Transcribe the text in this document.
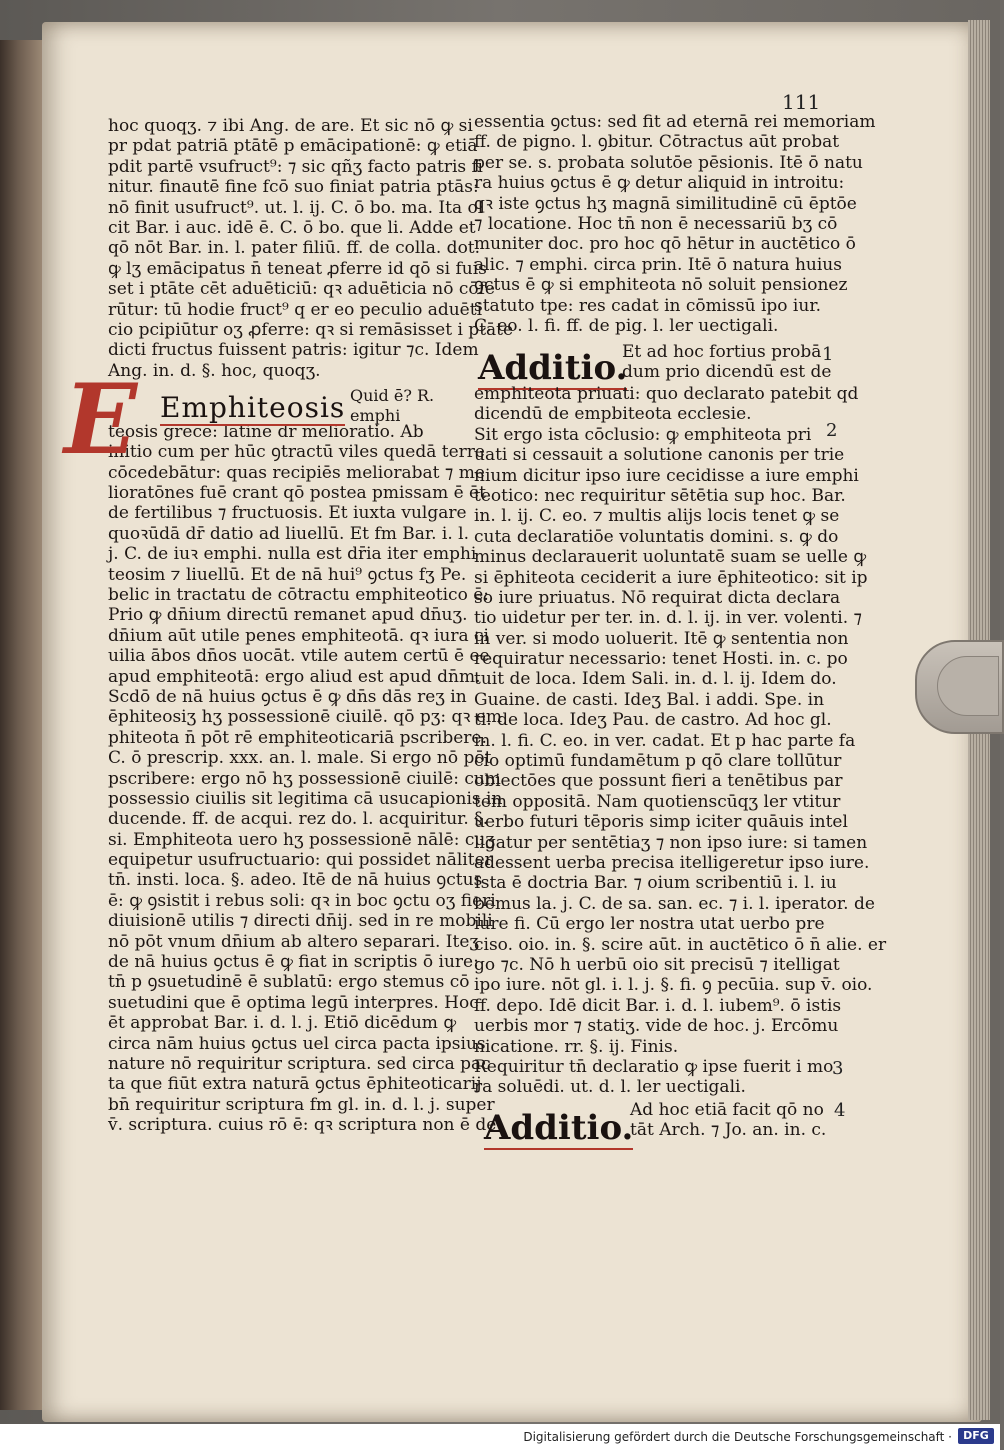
111
hoc quoqʒ. ⁊ ibi Ang. de are. Et sic nō ꝙ si
pr pdat patriā ptātē p emācipationē: ꝙ etiā
pdit partē vsufruct⁹: ⁊ sic qñʒ facto patris fi
nitur. finautē fine fcō suo finiat patria ptās:
nō finit usufruct⁹. ut. l. ij. C. ō bo. ma. Ita ol
cit Bar. i auc. idē ē. C. ō bo. que li. Adde et
qō nōt Bar. in. l. pater filiū. ff. de colla. dot.
ꝙ lʒ emācipatus n̄ teneat ꝓferre id qō si fuis
set i ptāte cēt aduēticiū: qꝛ aduēticia nō cōfe
rūtur: tū hodie fruct⁹ q er eo peculio aduēti
cio pcipiūtur oʒ ꝓferre: qꝛ si remāsisset i ptāte
dicti fructus fuissent patris: igitur ⁊c. Idem
Ang. in. d. §. hoc, quoqʒ.
teosis grece: latine dr̄ melioratio. Ab
initio cum per hūc ꝯtractū viles quedā terre
cōcedebātur: quas recipiēs meliorabat ⁊ me
lioratōnes fuē crant qō postea pmissam ē ēt
de fertilibus ⁊ fructuosis. Et iuxta vulgare
quoꝛūdā dr̄ datio ad liuellū. Et fm Bar. i. l.
j. C. de iuꝛ emphi. nulla est dr̄ia iter emphi
teosim ⁊ liuellū. Et de nā hui⁹ ꝯctus fʒ Pe.
belic in tractatu de cōtractu emphiteotico ē:
Prio ꝙ dn̄ium directū remanet apud dn̄uʒ.
dn̄ium aūt utile penes emphiteotā. qꝛ iura ci
uilia ābos dn̄os uocāt. vtile autem certū ē ee
apud emphiteotā: ergo aliud est apud dn̄m.
Scdō de nā huius ꝯctus ē ꝙ dn̄s dās reʒ in
ēphiteosiʒ hʒ possessionē ciuilē. qō pʒ: qꝛ em
phiteota n̄ pōt rē emphiteoticariā pscribere.
C. ō prescrip. xxx. an. l. male. Si ergo nō pōt
pscribere: ergo nō hʒ possessionē ciuilē: cum
possessio ciuilis sit legitima cā usucapionis in
ducende. ff. de acqui. rez do. l. acquiritur. §.
si. Emphiteota uero hʒ possessionē nālē: cuʒ
equipetur usufructuario: qui possidet nāliter
tn̄. insti. loca. §. adeo. Itē de nā huius ꝯctus
ē: ꝙ ꝯsistit i rebus soli: qꝛ in boc ꝯctu oʒ fieri
diuisionē utilis ⁊ directi dn̄ij. sed in re mobili
nō pōt vnum dn̄ium ab altero separari. Iteʒ
de nā huius ꝯctus ē ꝙ fiat in scriptis ō iure:
tn̄ p ꝯsuetudinē ē sublatū: ergo stemus cō
suetudini que ē optima legū interpres. Hoc
ēt approbat Bar. i. d. l. j. Etiō dicēdum ꝙ
circa nām huius ꝯctus uel circa pacta ipsius
nature nō requiritur scriptura. sed circa pac
ta que fiūt extra naturā ꝯctus ēphiteoticarij
bn̄ requiritur scriptura fm gl. in. d. l. j. super
v̄. scriptura. cuius rō ē: qꝛ scriptura non ē de
E Emphiteosis Quid ē? R. emphi
essentia ꝯctus: sed fit ad eternā rei memoriam
ff. de pigno. l. ꝯbitur. Cōtractus aūt probat
per se. s. probata solutōe pēsionis. Itē ō natu
ra huius ꝯctus ē ꝙ detur aliquid in introitu:
qꝛ iste ꝯctus hʒ magnā similitudinē cū ēptōe
⁊ locatione. Hoc tn̄ non ē necessariū bʒ cō
muniter doc. pro hoc qō hētur in auctētico ō
alic. ⁊ emphi. circa prin. Itē ō natura huius
ꝯctus ē ꝙ si emphiteota nō soluit pensionez
statuto tpe: res cadat in cōmissū ipo iur.
C. eo. l. fi. ff. de pig. l. ler uectigali.
Additio.
Et ad hoc fortius probā
dum prio dicendū est de
emphiteota priuati: quo declarato patebit qd
dicendū de empbiteota ecclesie.
Sit ergo ista cōclusio: ꝙ emphiteota pri
uati si cessauit a solutione canonis per trie
nium dicitur ipso iure cecidisse a iure emphi
teotico: nec requiritur sētētia sup hoc. Bar.
in. l. ij. C. eo. ⁊ multis alijs locis tenet ꝙ se
cuta declaratiōe voluntatis domini. s. ꝙ do
minus declarauerit uoluntatē suam se uelle ꝙ
si ēphiteota ceciderit a iure ēphiteotico: sit ip
so iure priuatus. Nō requirat dicta declara
tio uidetur per ter. in. d. l. ij. in ver. volenti. ⁊
in ver. si modo uoluerit. Itē ꝙ sententia non
requiratur necessario: tenet Hosti. in. c. po
tuit de loca. Idem Sali. in. d. l. ij. Idem do.
Guaine. de casti. Ideʒ Bal. i addi. Spe. in
ti. de loca. Ideʒ Pau. de castro. Ad hoc gl.
in. l. fi. C. eo. in ver. cadat. Et p hac parte fa
cio optimū fundamētum p qō clare tollūtur
obiectōes que possunt fieri a tenētibus par
tem oppositā. Nam quotienscūqʒ ler vtitur
uerbo futuri tēporis simp iciter quāuis intel
ligatur per sentētiaʒ ⁊ non ipso iure: si tamen
adessent uerba precisa itelligeretur ipso iure.
Ista ē doctria Bar. ⁊ oium scribentiū i. l. iu
bemus la. j. C. de sa. san. ec. ⁊ i. l. iperator. de
iure fi. Cū ergo ler nostra utat uerbo pre
ciso. oio. in. §. scire aūt. in auctētico ō n̄ alie. er
go ⁊c. Nō h uerbū oio sit precisū ⁊ itelligat
ipo iure. nōt gl. i. l. j. §. fi. ꝯ pecūia. sup v̄. oio.
ff. depo. Idē dicit Bar. i. d. l. iubem⁹. ō istis
uerbis mor ⁊ statiʒ. vide de hoc. j. Ercōmu
nicatione. rr. §. ij. Finis.
Requiritur tn̄ declaratio ꝙ ipse fuerit i mo
ra soluēdi. ut. d. l. ler uectigali.
Additio.
Ad hoc etiā facit qō no
tāt Arch. ⁊ Jo. an. in. c.
1
2
3
4
Digitalisierung gefördert durch die Deutsche Forschungsgemeinschaft ·	DFG
